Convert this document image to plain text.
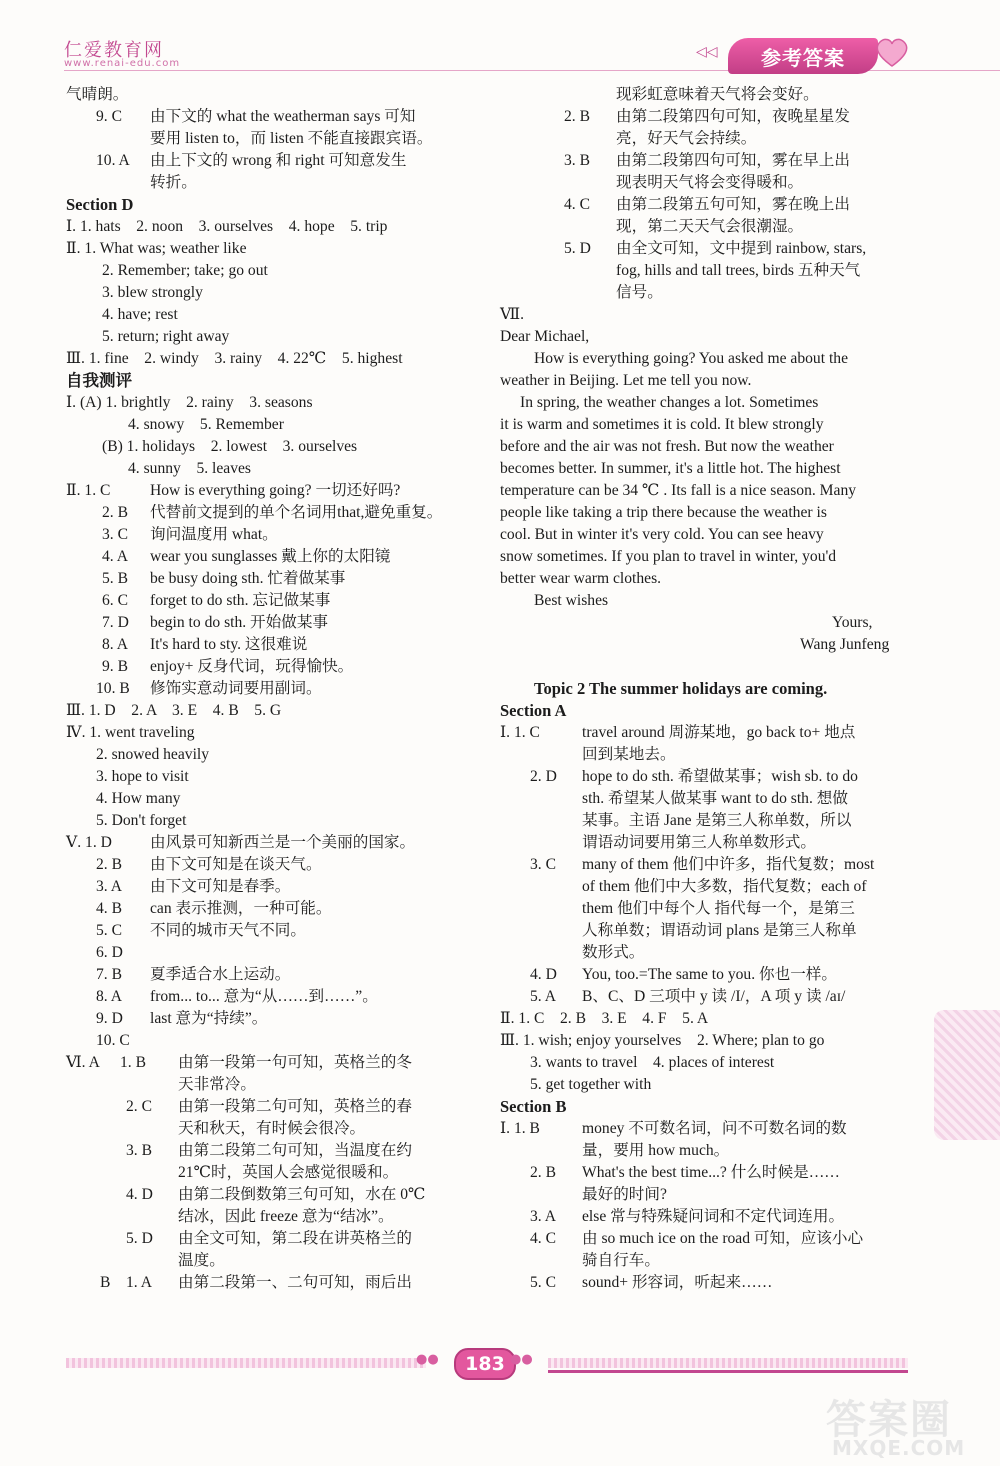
仁爱教育网
www.renai-edu.com
◁◁	参考答案
气晴朗。
9. C 由下文的 what the weatherman says 可知
要用 listen to，而 listen 不能直接跟宾语。
10. A 由上下文的 wrong 和 right 可知意发生
转折。
Section D
Ⅰ. 1. hats　2. noon　3. ourselves　4. hope　5. trip
Ⅱ. 1. What was; weather like
2. Remember; take; go out
3. blew strongly
4. have; rest
5. return; right away
Ⅲ. 1. fine　2. windy　3. rainy　4. 22℃　5. highest
自我测评
Ⅰ. (A) 1. brightly　2. rainy　3. seasons
4. snowy　5. Remember
(B) 1. holidays　2. lowest　3. ourselves
4. sunny　5. leaves
Ⅱ. 1. C	How is everything going? 一切还好吗?
2. B 代替前文提到的单个名词用that,避免重复。
3. C 询问温度用 what。
4. A wear you sunglasses 戴上你的太阳镜
5. B be busy doing sth. 忙着做某事
6. C forget to do sth. 忘记做某事
7. D begin to do sth. 开始做某事
8. A It's hard to sty. 这很难说
9. B enjoy+ 反身代词，玩得愉快。
10. B 修饰实意动词要用副词。
Ⅲ. 1. D　2. A　3. E　4. B　5. G
Ⅳ. 1. went traveling
2. snowed heavily
3. hope to visit
4. How many
5. Don't forget
Ⅴ. 1. D 由风景可知新西兰是一个美丽的国家。
2. B 由下文可知是在谈天气。
3. A 由下文可知是春季。
4. B can 表示推测，一种可能。
5. C 不同的城市天气不同。
6. D
7. B 夏季适合水上运动。
8. A from... to... 意为“从……到……”。
9. D last 意为“持续”。
10. C
Ⅵ. A 1. B 由第一段第一句可知，英格兰的冬
天非常冷。
2. C 由第一段第二句可知，英格兰的春
天和秋天，有时候会很冷。
3. B 由第二段第二句可知，当温度在约
21℃时，英国人会感觉很暖和。
4. D 由第二段倒数第三句可知，水在 0℃
结冰，因此 freeze 意为“结冰”。
5. D 由全文可知，第二段在讲英格兰的
温度。
B 1. A 由第二段第一、二句可知，雨后出
现彩虹意味着天气将会变好。
2. B 由第二段第四句可知，夜晚星星发
亮，好天气会持续。
3. B 由第二段第四句可知，雾在早上出
现表明天气将会变得暖和。
4. C 由第二段第五句可知，雾在晚上出
现，第二天天气会很潮湿。
5. D 由全文可知，文中提到 rainbow, stars,
fog, hills and tall trees, birds 五种天气
信号。
Ⅶ.
Dear Michael,
How is everything going? You asked me about the
weather in Beijing. Let me tell you now.
In spring, the weather changes a lot. Sometimes
it is warm and sometimes it is cold. It blew strongly
before and the air was not fresh. But now the weather
becomes better. In summer, it's a little hot. The highest
temperature can be 34 ℃ . Its fall is a nice season. Many
people like taking a trip there because the weather is
cool. But in winter it's very cold. You can see heavy
snow sometimes. If you plan to travel in winter, you'd
better wear warm clothes.
Best wishes
Yours,
Wang Junfeng
Topic 2 The summer holidays are coming.
Section A
Ⅰ. 1. C	travel around 周游某地，go back to+ 地点
回到某地去。
2. D hope to do sth. 希望做某事；wish sb. to do
sth. 希望某人做某事 want to do sth. 想做
某事。主语 Jane 是第三人称单数，所以
谓语动词要用第三人称单数形式。
3. C many of them 他们中许多，指代复数；most
of them 他们中大多数，指代复数；each of
them 他们中每个人 指代每一个，是第三
人称单数；谓语动词 plans 是第三人称单
数形式。
4. D You, too.=The same to you. 你也一样。
5. A B、C、D 三项中 y 读 /I/，A 项 y 读 /aɪ/
Ⅱ. 1. C　2. B　3. E　4. F　5. A
Ⅲ. 1. wish; enjoy yourselves　2. Where; plan to go
3. wants to travel　4. places of interest
5. get together with
Section B
Ⅰ. 1. B	money 不可数名词，问不可数名词的数
量，要用 how much。
2. B What's the best time...? 什么时候是……
最好的时间?
3. A else 常与特殊疑问词和不定代词连用。
4. C 由 so much ice on the road 可知，应该小心
骑自行车。
5. C sound+ 形容词，听起来……
●●	183 ●●
答案圈
MXQE.COM
